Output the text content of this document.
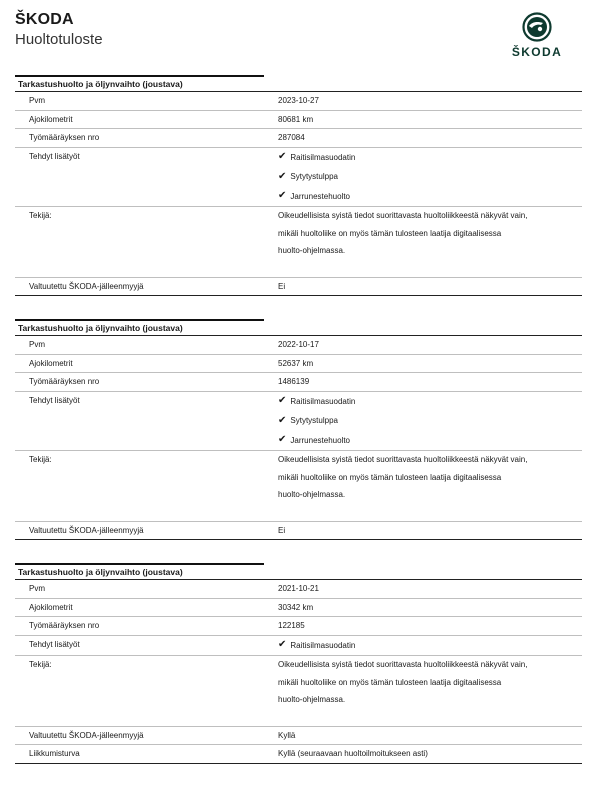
ŠKODA
Huoltotuloste
ŠKODA
Tarkastushuolto ja öljynvaihto (joustava)
Pvm	2023-10-27
Ajokilometrit	80681 km
Työmääräyksen nro	287084
Tehdyt lisätyöt	✔ Raitisilmasuodatin
✔ Sytytystulppa
✔ Jarrunestehuolto
Tekijä:	Oikeudellisista syistä tiedot suorittavasta huoltoliikkeestä näkyvät vain,
mikäli huoltoliike on myös tämän tulosteen laatija digitaalisessa
huolto-ohjelmassa.
Valtuutettu ŠKODA-jälleenmyyjä	Ei
Tarkastushuolto ja öljynvaihto (joustava)
Pvm	2022-10-17
Ajokilometrit	52637 km
Työmääräyksen nro	1486139
Tehdyt lisätyöt	✔ Raitisilmasuodatin
✔ Sytytystulppa
✔ Jarrunestehuolto
Tekijä:	Oikeudellisista syistä tiedot suorittavasta huoltoliikkeestä näkyvät vain,
mikäli huoltoliike on myös tämän tulosteen laatija digitaalisessa
huolto-ohjelmassa.
Valtuutettu ŠKODA-jälleenmyyjä	Ei
Tarkastushuolto ja öljynvaihto (joustava)
Pvm	2021-10-21
Ajokilometrit	30342 km
Työmääräyksen nro	122185
Tehdyt lisätyöt	✔ Raitisilmasuodatin
Tekijä:	Oikeudellisista syistä tiedot suorittavasta huoltoliikkeestä näkyvät vain,
mikäli huoltoliike on myös tämän tulosteen laatija digitaalisessa
huolto-ohjelmassa.
Valtuutettu ŠKODA-jälleenmyyjä	Kyllä
Liikkumisturva	Kyllä (seuraavaan huoltoilmoitukseen asti)
